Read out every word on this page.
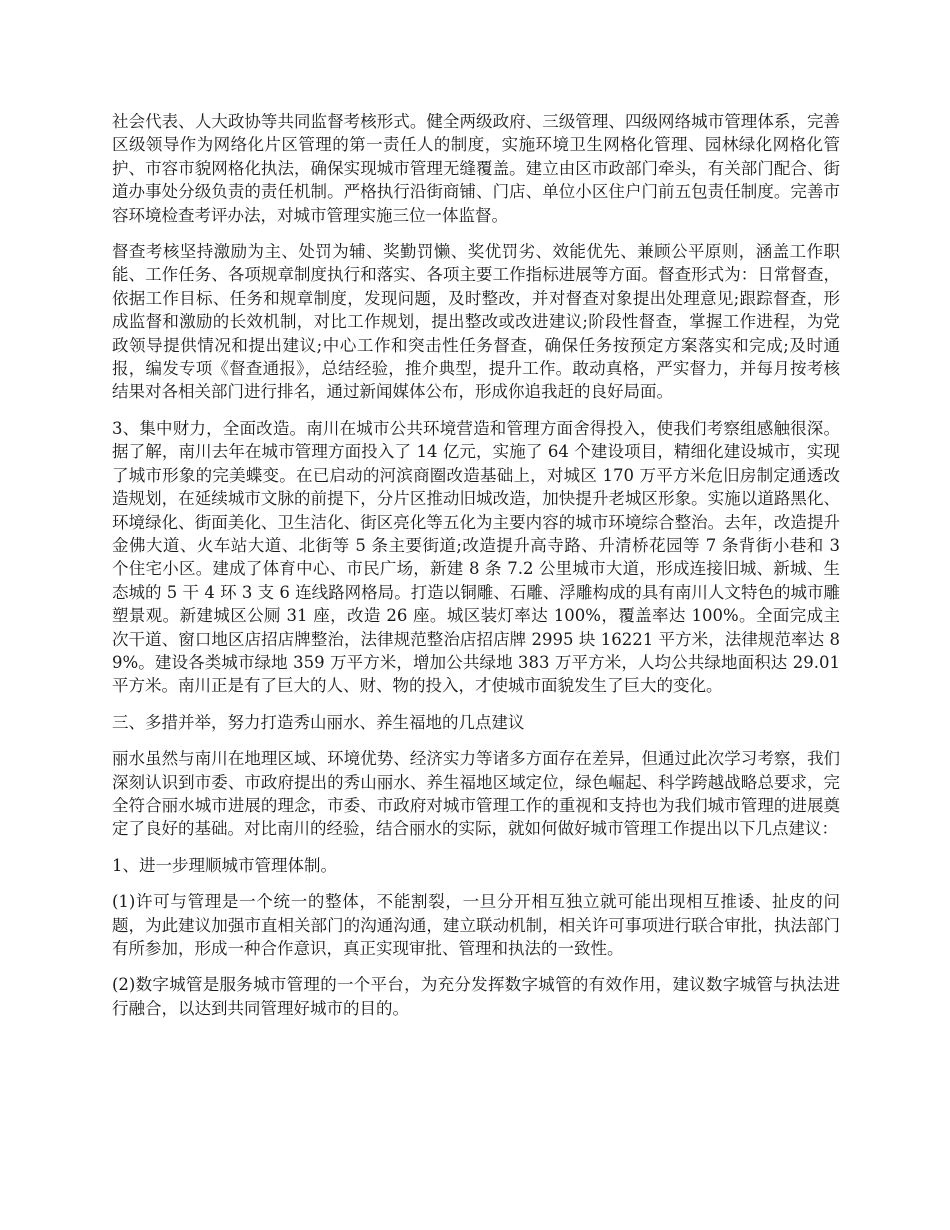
社会代表、人大政协等共同监督考核形式。健全两级政府、三级管理、四级网络城市管理体系，完善区级领导作为网络化片区管理的第一责任人的制度，实施环境卫生网格化管理、园林绿化网格化管护、市容市貌网格化执法，确保实现城市管理无缝覆盖。建立由区市政部门牵头，有关部门配合、街道办事处分级负责的责任机制。严格执行沿街商铺、门店、单位小区住户门前五包责任制度。完善市容环境检查考评办法，对城市管理实施三位一体监督。

督查考核坚持激励为主、处罚为辅、奖勤罚懒、奖优罚劣、效能优先、兼顾公平原则，涵盖工作职能、工作任务、各项规章制度执行和落实、各项主要工作指标进展等方面。督查形式为：日常督查，依据工作目标、任务和规章制度，发现问题，及时整改，并对督查对象提出处理意见;跟踪督查，形成监督和激励的长效机制，对比工作规划，提出整改或改进建议;阶段性督查，掌握工作进程，为党政领导提供情况和提出建议;中心工作和突击性任务督查，确保任务按预定方案落实和完成;及时通报，编发专项《督查通报》，总结经验，推介典型，提升工作。敢动真格，严实督力，并每月按考核结果对各相关部门进行排名，通过新闻媒体公布，形成你追我赶的良好局面。

3、集中财力，全面改造。南川在城市公共环境营造和管理方面舍得投入，使我们考察组感触很深。据了解，南川去年在城市管理方面投入了 14 亿元，实施了 64 个建设项目，精细化建设城市，实现了城市形象的完美蝶变。在已启动的河滨商圈改造基础上，对城区 170 万平方米危旧房制定通透改造规划，在延续城市文脉的前提下，分片区推动旧城改造，加快提升老城区形象。实施以道路黑化、环境绿化、街面美化、卫生洁化、街区亮化等五化为主要内容的城市环境综合整治。去年，改造提升金佛大道、火车站大道、北街等 5 条主要街道;改造提升高寺路、升清桥花园等 7 条背街小巷和 3 个住宅小区。建成了体育中心、市民广场，新建 8 条 7.2 公里城市大道，形成连接旧城、新城、生态城的 5 干 4 环 3 支 6 连线路网格局。打造以铜雕、石雕、浮雕构成的具有南川人文特色的城市雕塑景观。新建城区公厕 31 座，改造 26 座。城区装灯率达 100%，覆盖率达 100%。全面完成主次干道、窗口地区店招店牌整治，法律规范整治店招店牌 2995 块 16221 平方米，法律规范率达 89%。建设各类城市绿地 359 万平方米，增加公共绿地 383 万平方米，人均公共绿地面积达 29.01 平方米。南川正是有了巨大的人、财、物的投入，才使城市面貌发生了巨大的变化。

三、多措并举，努力打造秀山丽水、养生福地的几点建议

丽水虽然与南川在地理区域、环境优势、经济实力等诸多方面存在差异，但通过此次学习考察，我们深刻认识到市委、市政府提出的秀山丽水、养生福地区域定位，绿色崛起、科学跨越战略总要求，完全符合丽水城市进展的理念，市委、市政府对城市管理工作的重视和支持也为我们城市管理的进展奠定了良好的基础。对比南川的经验，结合丽水的实际，就如何做好城市管理工作提出以下几点建议：

1、进一步理顺城市管理体制。

(1)许可与管理是一个统一的整体，不能割裂，一旦分开相互独立就可能出现相互推诿、扯皮的问题，为此建议加强市直相关部门的沟通沟通，建立联动机制，相关许可事项进行联合审批，执法部门有所参加，形成一种合作意识，真正实现审批、管理和执法的一致性。

(2)数字城管是服务城市管理的一个平台，为充分发挥数字城管的有效作用，建议数字城管与执法进行融合，以达到共同管理好城市的目的。
